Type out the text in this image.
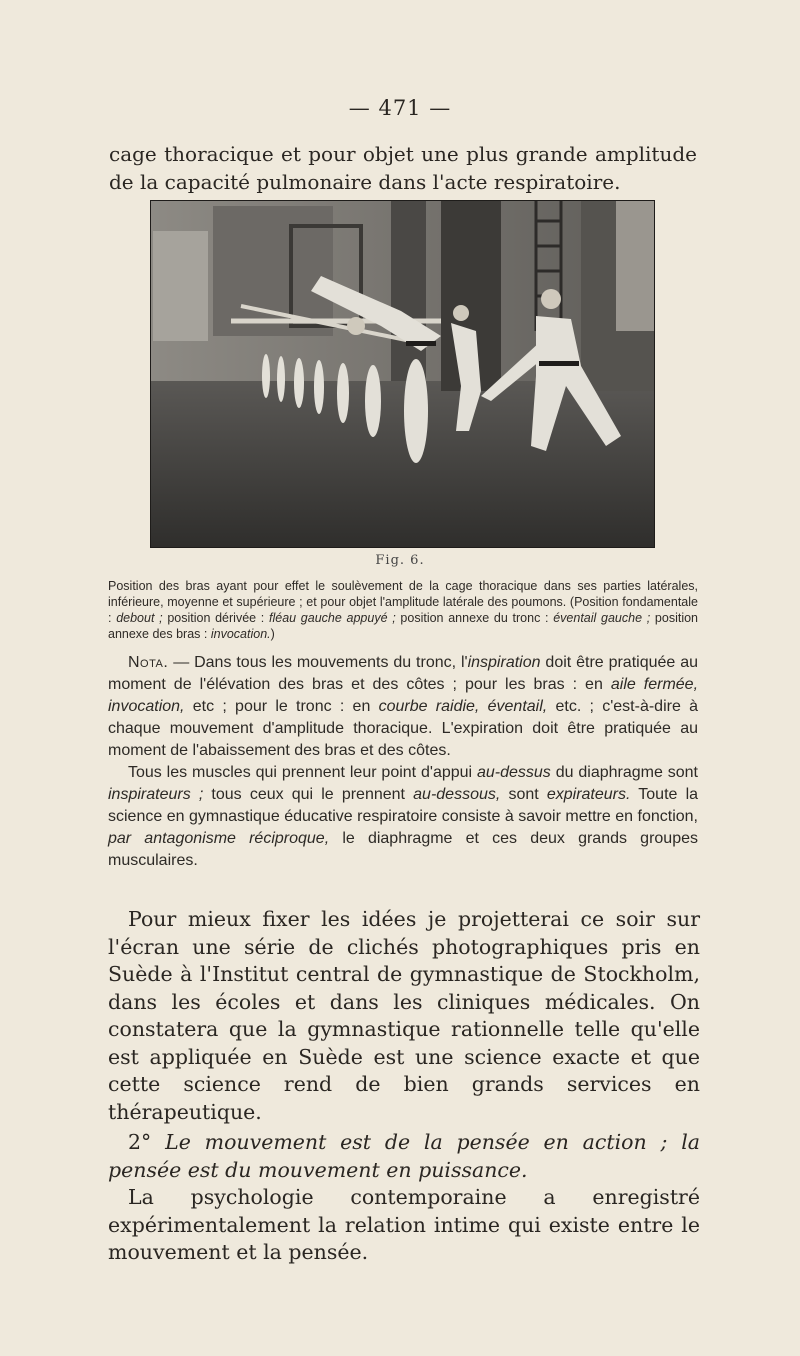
— 471 —

cage thoracique et pour objet une plus grande amplitude de la capacité pulmonaire dans l'acte respiratoire.

Fig. 6.

Position des bras ayant pour effet le soulèvement de la cage thoracique dans ses parties latérales, inférieure, moyenne et supérieure ; et pour objet l'amplitude latérale des poumons. (Position fondamentale : debout ; position dérivée : fléau gauche appuyé ; position annexe du tronc : éventail gauche ; position annexe des bras : invocation.)

Nota. — Dans tous les mouvements du tronc, l'inspiration doit être pratiquée au moment de l'élévation des bras et des côtes ; pour les bras : en aile fermée, invocation, etc ; pour le tronc : en courbe raidie, éventail, etc. ; c'est-à-dire à chaque mouvement d'amplitude thoracique. L'expiration doit être pratiquée au moment de l'abaissement des bras et des côtes.

Tous les muscles qui prennent leur point d'appui au-dessus du diaphragme sont inspirateurs ; tous ceux qui le prennent au-dessous, sont expirateurs. Toute la science en gymnastique éducative respiratoire consiste à savoir mettre en fonction, par antagonisme réciproque, le diaphragme et ces deux grands groupes musculaires.

Pour mieux fixer les idées je projetterai ce soir sur l'écran une série de clichés photographiques pris en Suède à l'Institut central de gymnastique de Stockholm, dans les écoles et dans les cliniques médicales. On constatera que la gymnastique rationnelle telle qu'elle est appliquée en Suède est une science exacte et que cette science rend de bien grands services en thérapeutique.

2° Le mouvement est de la pensée en action ; la pensée est du mouvement en puissance.

La psychologie contemporaine a enregistré expérimentalement la relation intime qui existe entre le mouvement et la pensée.
